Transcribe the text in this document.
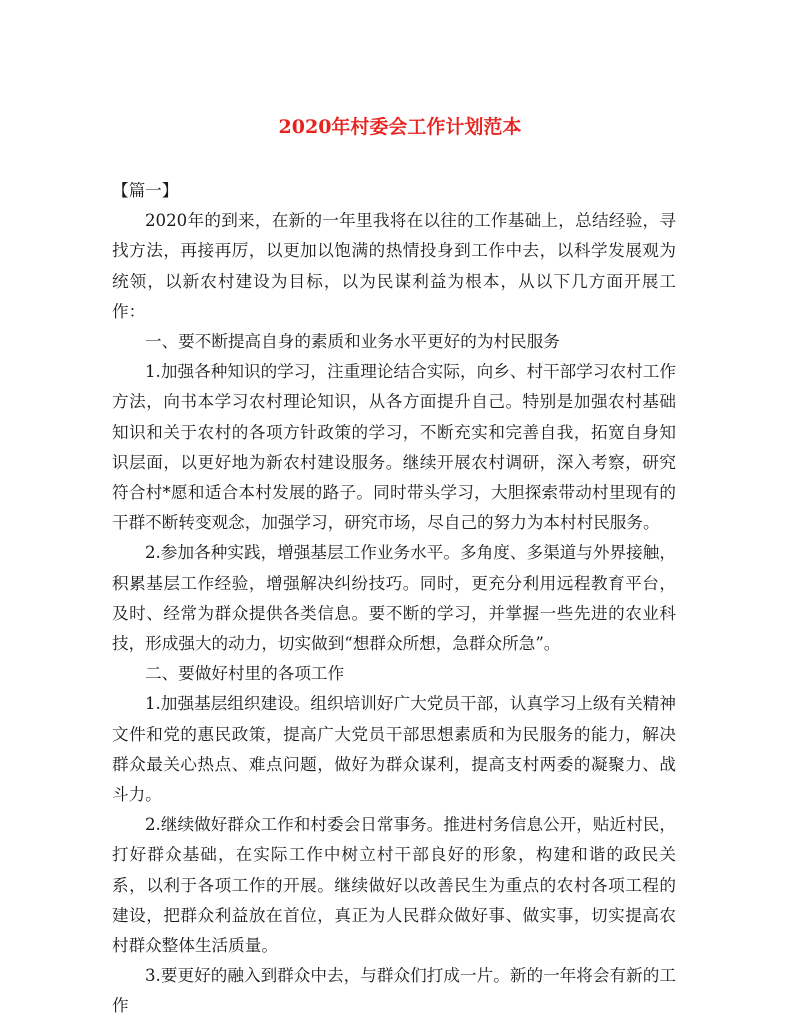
2020年村委会工作计划范本

【篇一】

2020年的到来，在新的一年里我将在以往的工作基础上，总结经验，寻找方法，再接再厉，以更加以饱满的热情投身到工作中去，以科学发展观为统领，以新农村建设为目标，以为民谋利益为根本，从以下几方面开展工作：

一、要不断提高自身的素质和业务水平更好的为村民服务

1.加强各种知识的学习，注重理论结合实际，向乡、村干部学习农村工作方法，向书本学习农村理论知识，从各方面提升自己。特别是加强农村基础知识和关于农村的各项方针政策的学习，不断充实和完善自我，拓宽自身知识层面，以更好地为新农村建设服务。继续开展农村调研，深入考察，研究符合村*愿和适合本村发展的路子。同时带头学习，大胆探索带动村里现有的干群不断转变观念，加强学习，研究市场，尽自己的努力为本村村民服务。

2.参加各种实践，增强基层工作业务水平。多角度、多渠道与外界接触，积累基层工作经验，增强解决纠纷技巧。同时，更充分利用远程教育平台，及时、经常为群众提供各类信息。要不断的学习，并掌握一些先进的农业科技，形成强大的动力，切实做到“想群众所想，急群众所急”。

二、要做好村里的各项工作

1.加强基层组织建设。组织培训好广大党员干部，认真学习上级有关精神文件和党的惠民政策，提高广大党员干部思想素质和为民服务的能力，解决群众最关心热点、难点问题，做好为群众谋利，提高支村两委的凝聚力、战斗力。

2.继续做好群众工作和村委会日常事务。推进村务信息公开，贴近村民，打好群众基础，在实际工作中树立村干部良好的形象，构建和谐的政民关系，以利于各项工作的开展。继续做好以改善民生为重点的农村各项工程的建设，把群众利益放在首位，真正为人民群众做好事、做实事，切实提高农村群众整体生活质量。

3.要更好的融入到群众中去，与群众们打成一片。新的一年将会有新的工作
